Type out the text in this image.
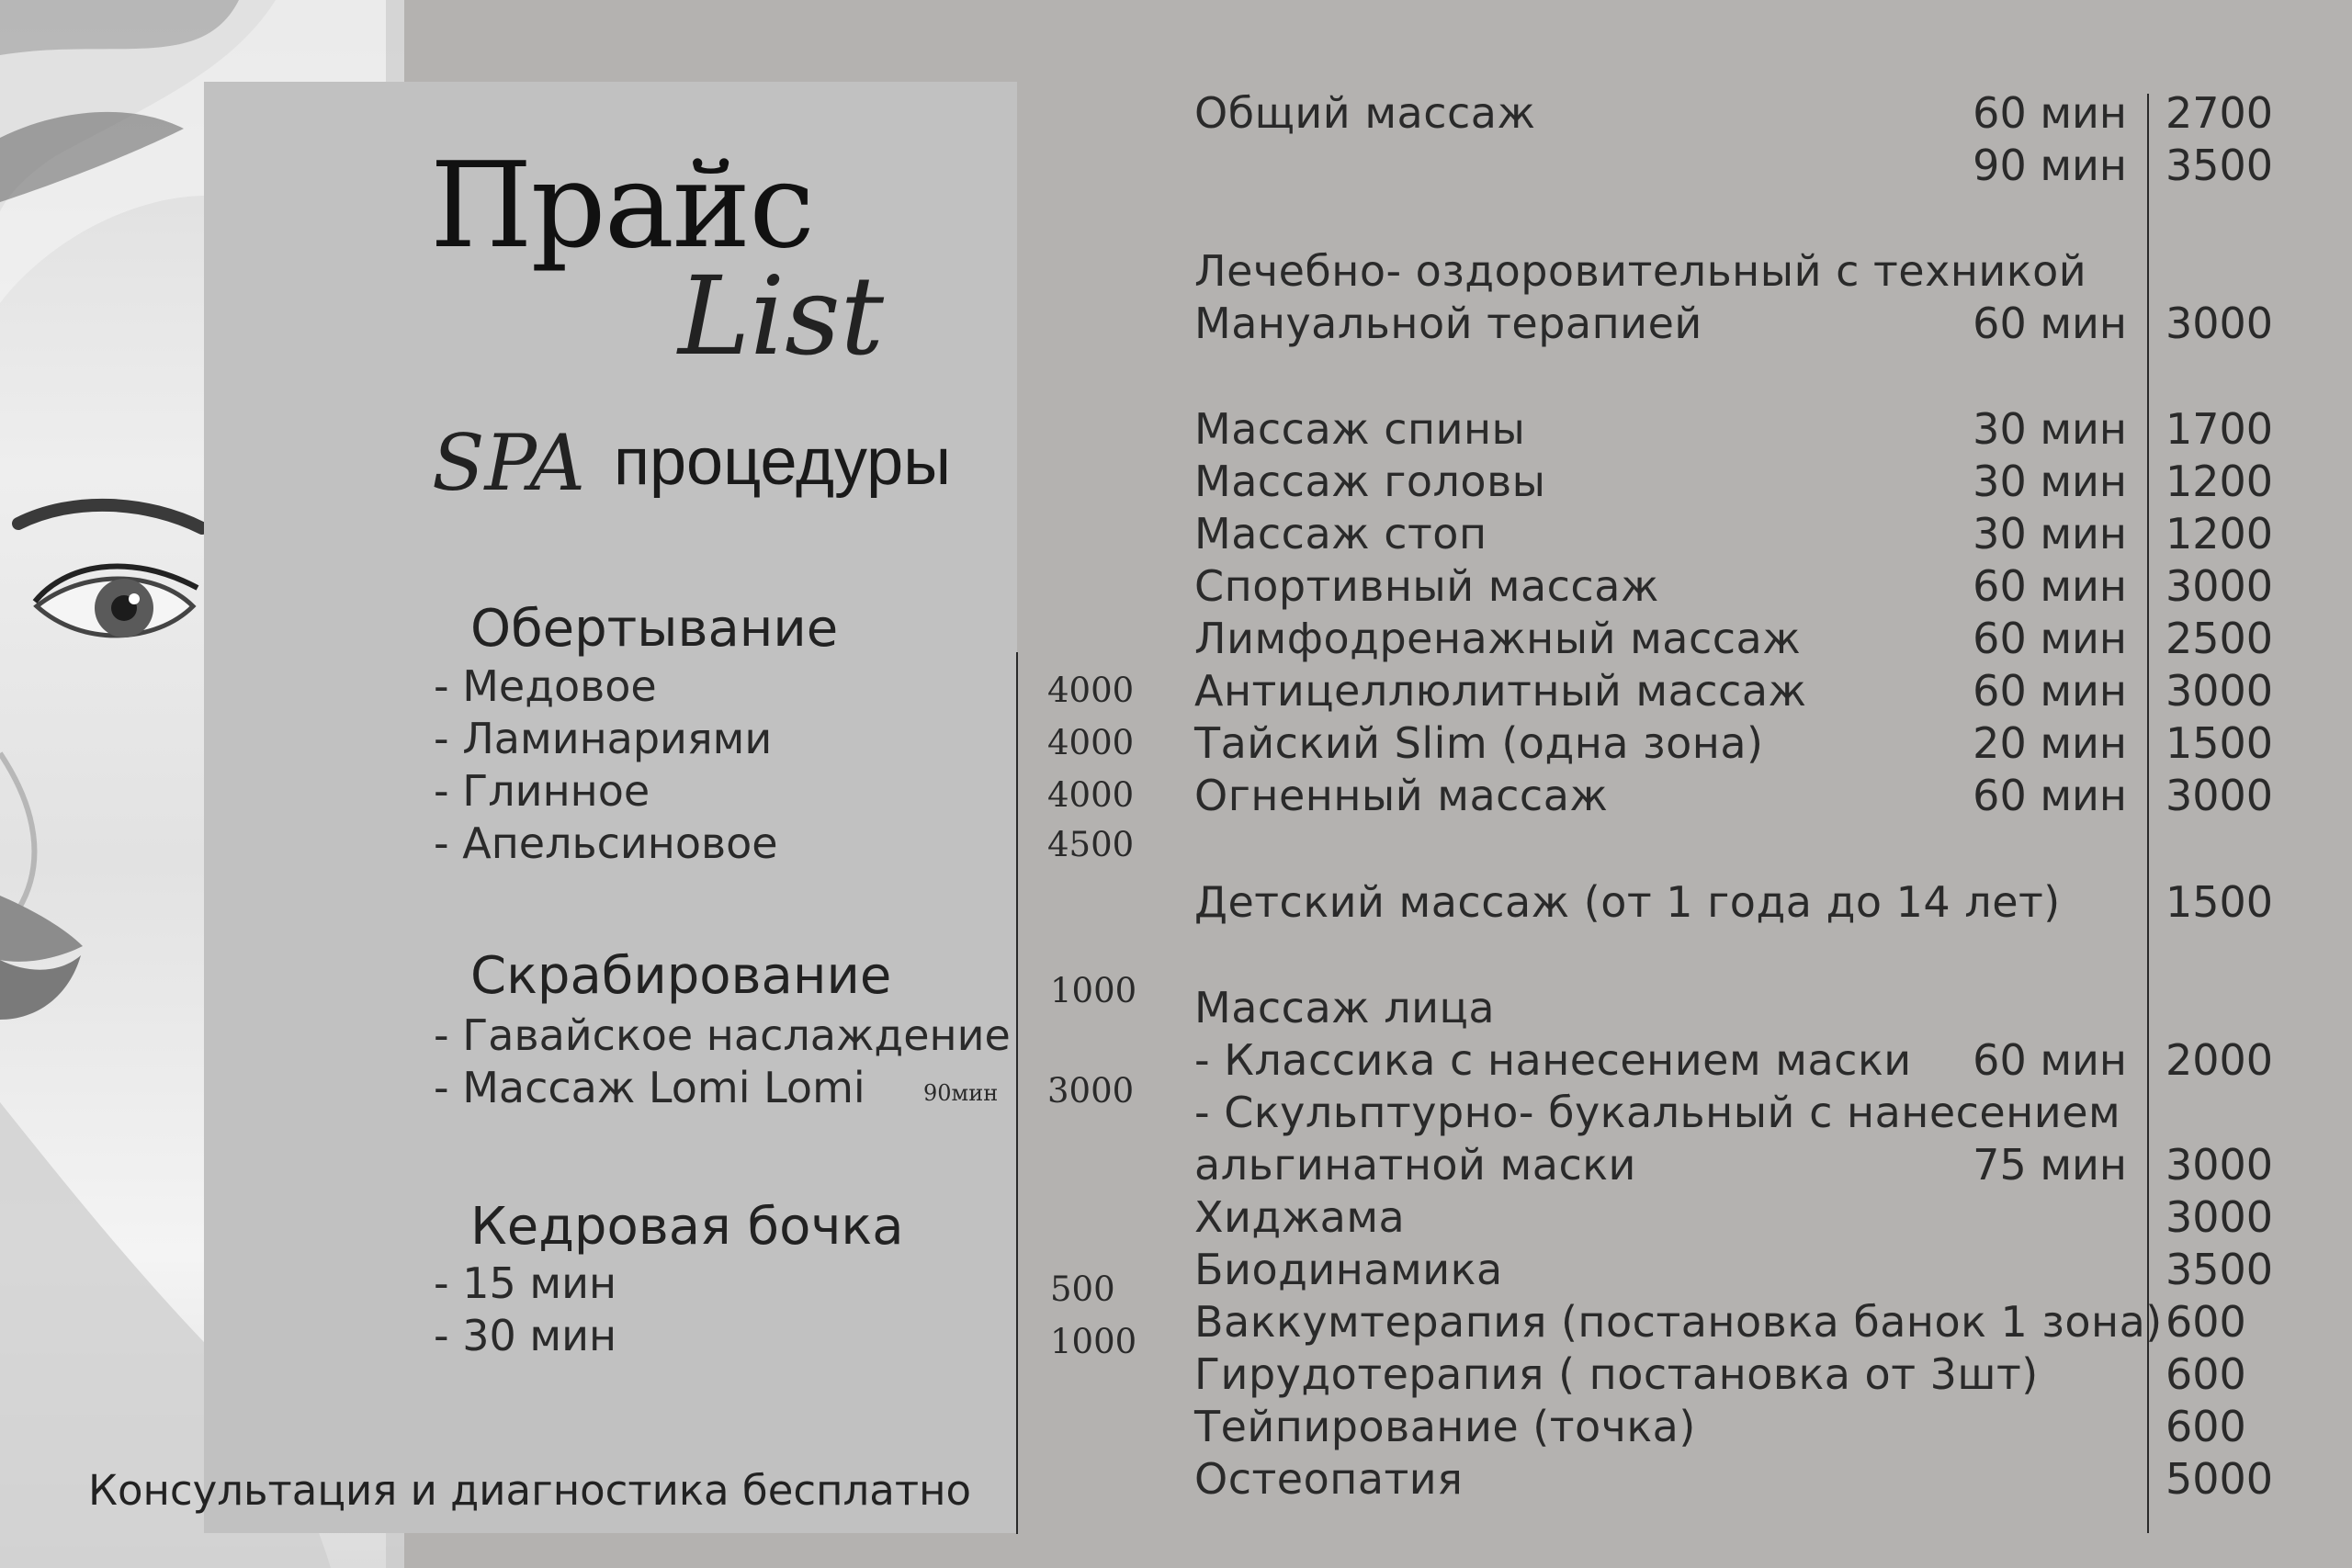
Прайс
List
SPA процедуры
Обертывание
- Медовое	4000
- Ламинариями	4000
- Глинное	4000
- Апельсиновое	4500
Скрабирование	1000
- Гавайское наслаждение
- Массаж Lomi Lomi	90мин 3000
Кедровая бочка
- 15 мин	500
- 30 мин	1000
Консультация и диагностика бесплатно
Общий массаж	60 мин 2700
90 мин 3500
Лечебно- оздоровительный с техникой
Мануальной терапией	60 мин 3000
Массаж спины	30 мин 1700
Массаж головы	30 мин 1200
Массаж стоп	30 мин 1200
Спортивный массаж	60 мин 3000
Лимфодренажный массаж	60 мин 2500
Антицеллюлитный массаж	60 мин 3000
Тайский Slim (одна зона)	20 мин 1500
Огненный массаж	60 мин 3000
Детский массаж (от 1 года до 14 лет) 1500
Массаж лица
- Классика с нанесением маски	60 мин 2000
- Скульптурно- букальный с нанесением
альгинатной маски	75 мин 3000
Хиджама	3000
Биодинамика	3500
Ваккумтерапия (постановка банок 1 зона) 600
Гирудотерапия ( постановка от 3шт)	600
Тейпирование (точка)	600
Остеопатия	5000
